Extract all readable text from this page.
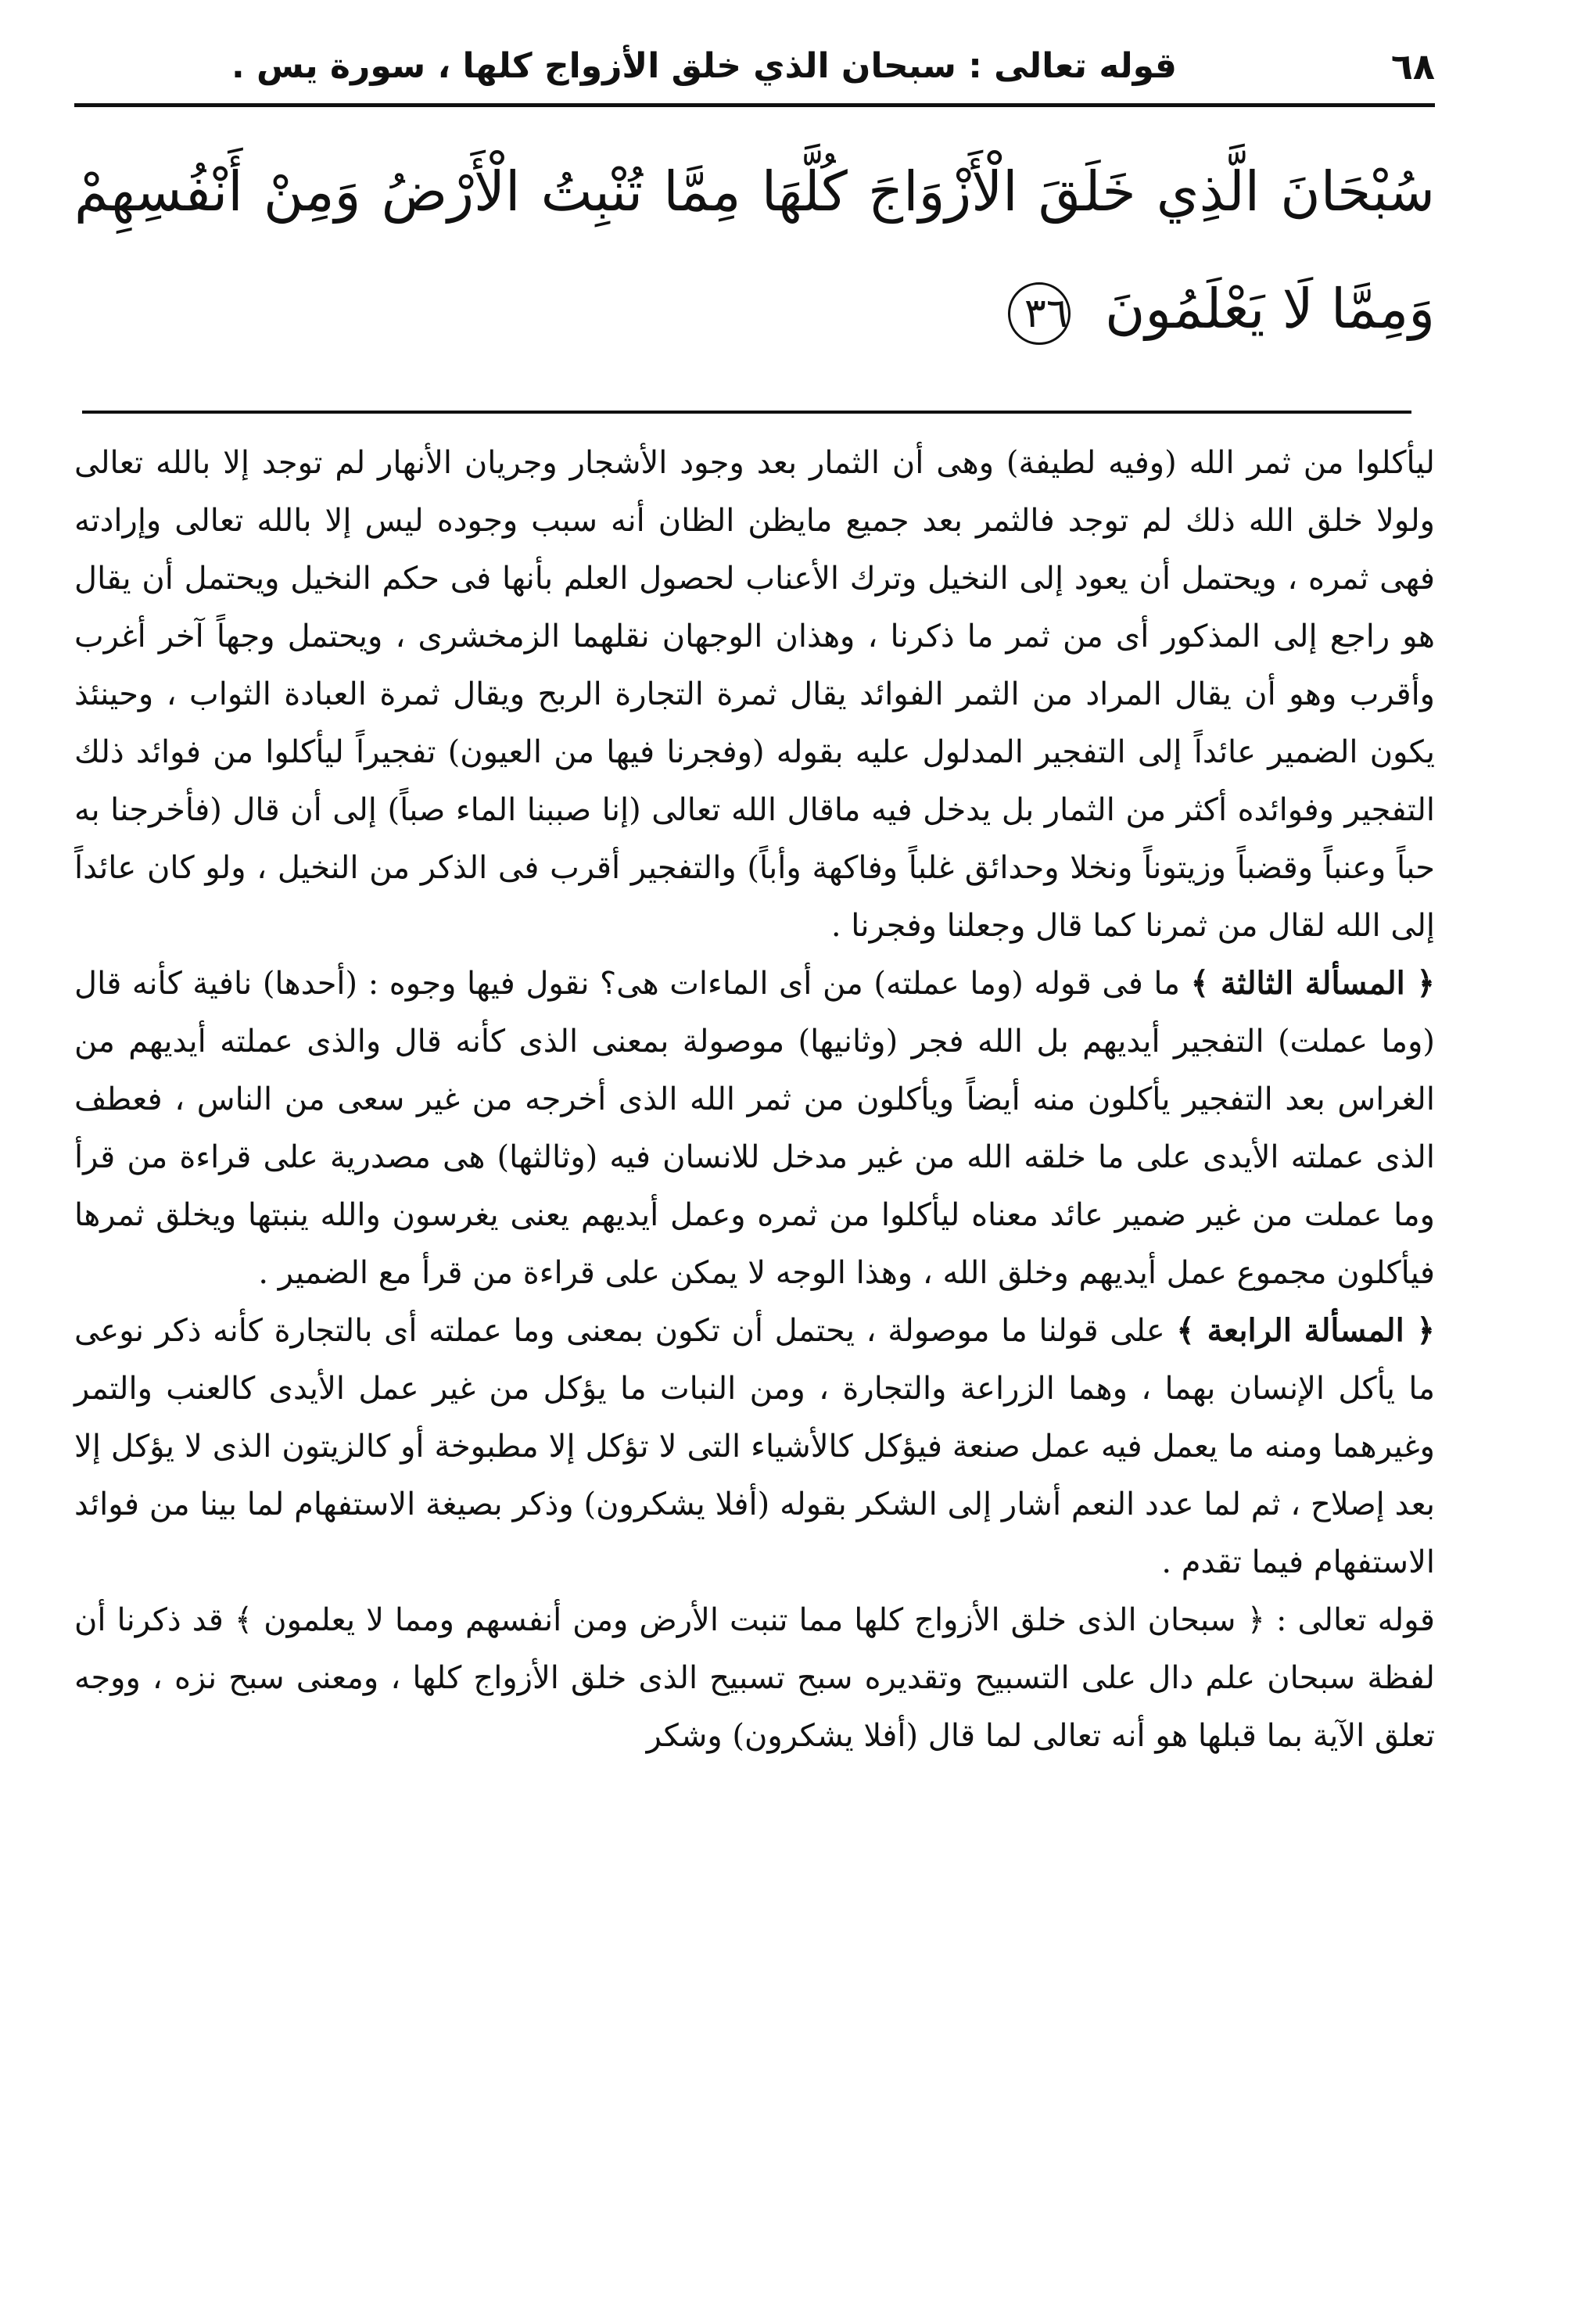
٦٨
قوله تعالى : سبحان الذي خلق الأزواج كلها ، سورة يس .
سُبْحَانَ الَّذِي خَلَقَ الْأَزْوَاجَ كُلَّهَا مِمَّا تُنْبِتُ الْأَرْضُ وَمِنْ أَنْفُسِهِمْ وَمِمَّا لَا يَعْلَمُونَ ٣٦

ليأكلوا من ثمر الله (وفيه لطيفة) وهى أن الثمار بعد وجود الأشجار وجريان الأنهار لم توجد إلا بالله تعالى ولولا خلق الله ذلك لم توجد فالثمر بعد جميع مايظن الظان أنه سبب وجوده ليس إلا بالله تعالى وإرادته فهى ثمره ، ويحتمل أن يعود إلى النخيل وترك الأعناب لحصول العلم بأنها فى حكم النخيل ويحتمل أن يقال هو راجع إلى المذكور أى من ثمر ما ذكرنا ، وهذان الوجهان نقلهما الزمخشرى ، ويحتمل وجهاً آخر أغرب وأقرب وهو أن يقال المراد من الثمر الفوائد يقال ثمرة التجارة الربح ويقال ثمرة العبادة الثواب ، وحينئذ يكون الضمير عائداً إلى التفجير المدلول عليه بقوله (وفجرنا فيها من العيون) تفجيراً ليأكلوا من فوائد ذلك التفجير وفوائده أكثر من الثمار بل يدخل فيه ماقال الله تعالى (إنا صببنا الماء صباً) إلى أن قال (فأخرجنا به حباً وعنباً وقضباً وزيتوناً ونخلا وحدائق غلباً وفاكهة وأباً) والتفجير أقرب فى الذكر من النخيل ، ولو كان عائداً إلى الله لقال من ثمرنا كما قال وجعلنا وفجرنا .

﴿ المسألة الثالثة ﴾ ما فى قوله (وما عملته) من أى الماءات هى؟ نقول فيها وجوه : (أحدها) نافية كأنه قال (وما عملت) التفجير أيديهم بل الله فجر (وثانيها) موصولة بمعنى الذى كأنه قال والذى عملته أيديهم من الغراس بعد التفجير يأكلون منه أيضاً ويأكلون من ثمر الله الذى أخرجه من غير سعى من الناس ، فعطف الذى عملته الأيدى على ما خلقه الله من غير مدخل للانسان فيه (وثالثها) هى مصدرية على قراءة من قرأ وما عملت من غير ضمير عائد معناه ليأكلوا من ثمره وعمل أيديهم يعنى يغرسون والله ينبتها ويخلق ثمرها فيأكلون مجموع عمل أيديهم وخلق الله ، وهذا الوجه لا يمكن على قراءة من قرأ مع الضمير .

﴿ المسألة الرابعة ﴾ على قولنا ما موصولة ، يحتمل أن تكون بمعنى وما عملته أى بالتجارة كأنه ذكر نوعى ما يأكل الإنسان بهما ، وهما الزراعة والتجارة ، ومن النبات ما يؤكل من غير عمل الأيدى كالعنب والتمر وغيرهما ومنه ما يعمل فيه عمل صنعة فيؤكل كالأشياء التى لا تؤكل إلا مطبوخة أو كالزيتون الذى لا يؤكل إلا بعد إصلاح ، ثم لما عدد النعم أشار إلى الشكر بقوله (أفلا يشكرون) وذكر بصيغة الاستفهام لما بينا من فوائد الاستفهام فيما تقدم .

قوله تعالى : ﴿ سبحان الذى خلق الأزواج كلها مما تنبت الأرض ومن أنفسهم ومما لا يعلمون ﴾ قد ذكرنا أن لفظة سبحان علم دال على التسبيح وتقديره سبح تسبيح الذى خلق الأزواج كلها ، ومعنى سبح نزه ، ووجه تعلق الآية بما قبلها هو أنه تعالى لما قال (أفلا يشكرون) وشكر
